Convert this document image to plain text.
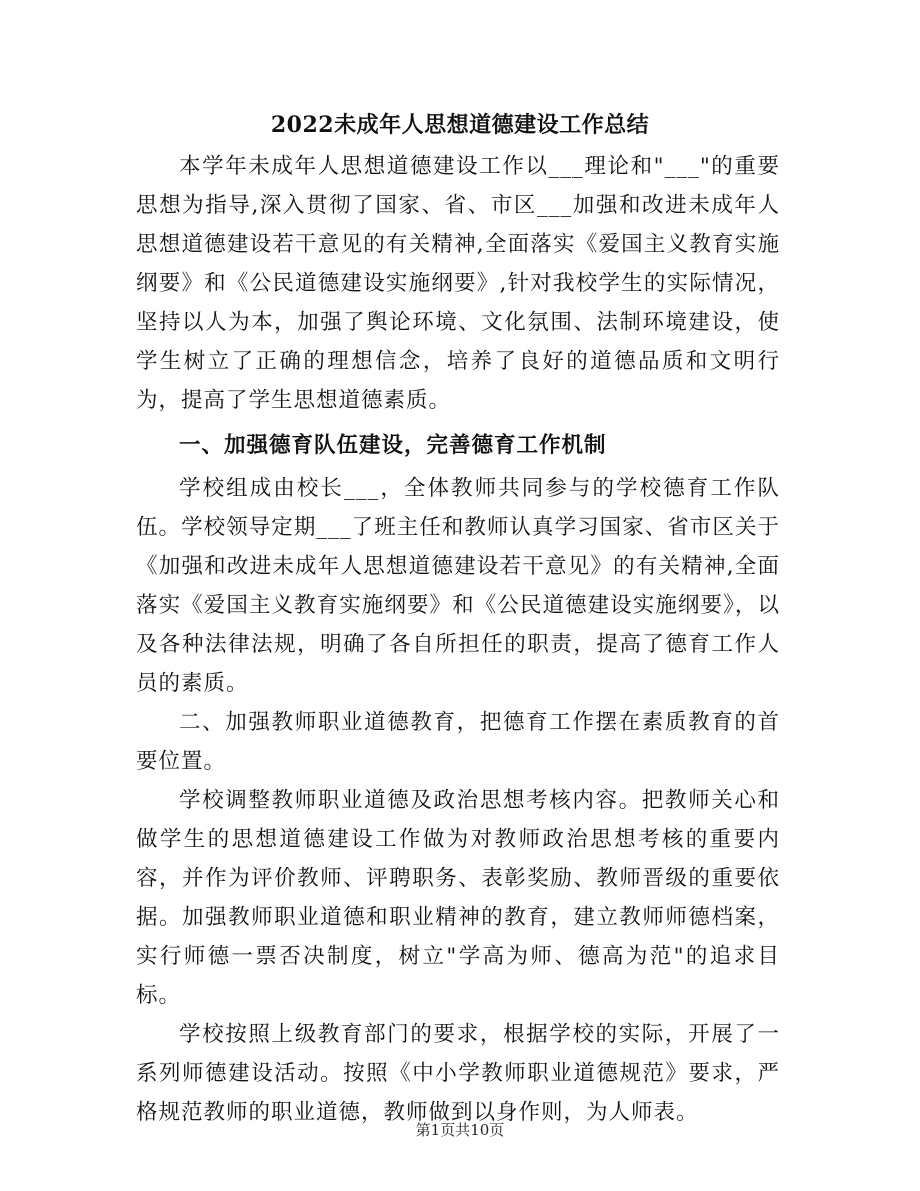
2022未成年人思想道德建设工作总结

本学年未成年人思想道德建设工作以___理论和"___"的重要思想为指导,深入贯彻了国家、省、市区___加强和改进未成年人思想道德建设若干意见的有关精神,全面落实《爱国主义教育实施纲要》和《公民道德建设实施纲要》,针对我校学生的实际情况，坚持以人为本，加强了舆论环境、文化氛围、法制环境建设，使学生树立了正确的理想信念，培养了良好的道德品质和文明行为，提高了学生思想道德素质。

一、加强德育队伍建设，完善德育工作机制

学校组成由校长___，全体教师共同参与的学校德育工作队伍。学校领导定期___了班主任和教师认真学习国家、省市区关于《加强和改进未成年人思想道德建设若干意见》的有关精神,全面落实《爱国主义教育实施纲要》和《公民道德建设实施纲要》，以及各种法律法规，明确了各自所担任的职责，提高了德育工作人员的素质。

二、加强教师职业道德教育，把德育工作摆在素质教育的首要位置。

学校调整教师职业道德及政治思想考核内容。把教师关心和做学生的思想道德建设工作做为对教师政治思想考核的重要内容，并作为评价教师、评聘职务、表彰奖励、教师晋级的重要依据。加强教师职业道德和职业精神的教育，建立教师师德档案，实行师德一票否决制度，树立"学高为师、德高为范"的追求目标。

学校按照上级教育部门的要求，根据学校的实际，开展了一系列师德建设活动。按照《中小学教师职业道德规范》要求，严格规范教师的职业道德，教师做到以身作则，为人师表。

第1页共10页
